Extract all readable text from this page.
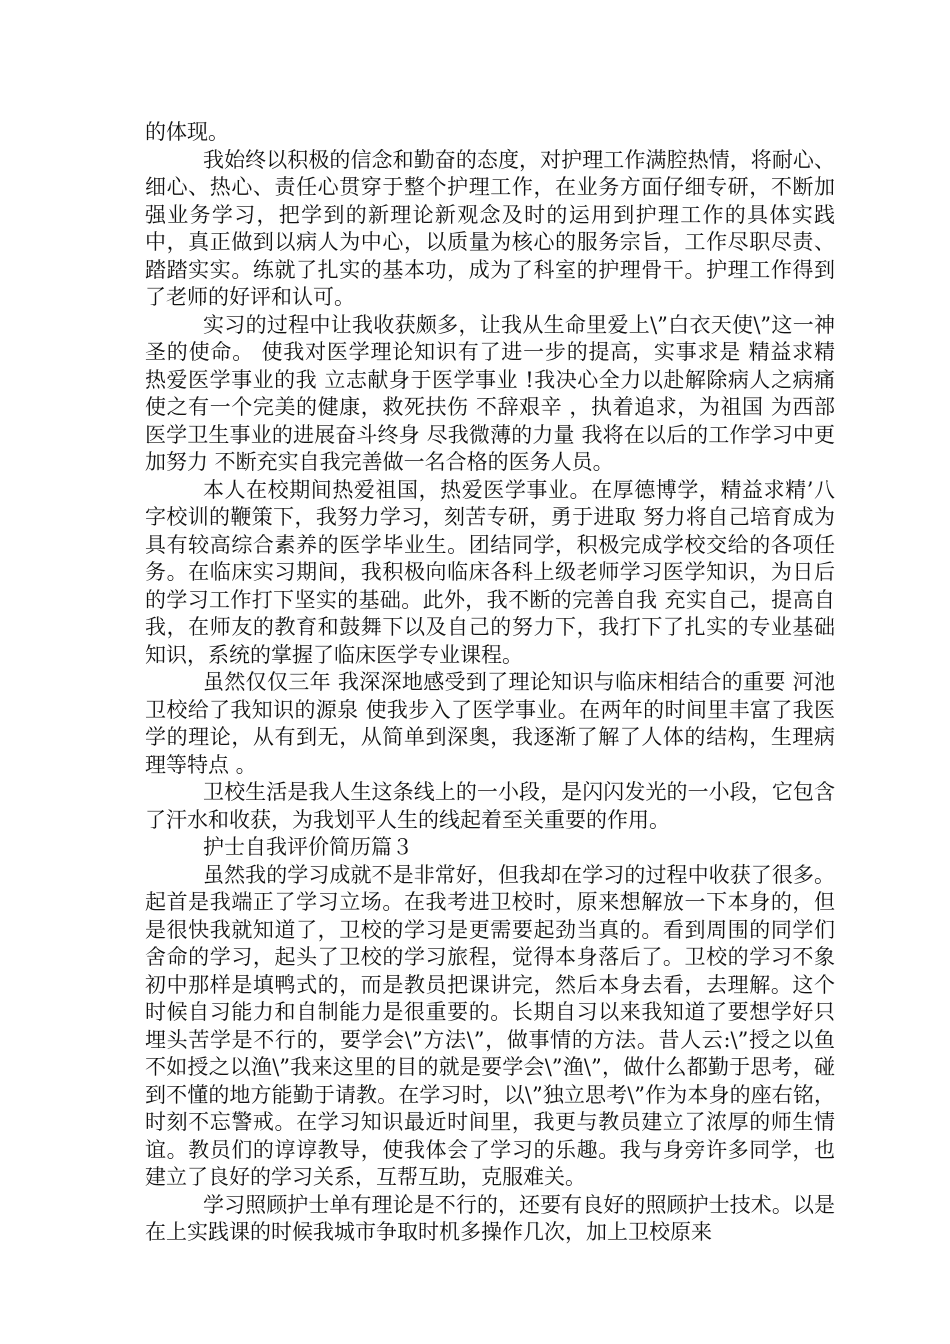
的体现。

我始终以积极的信念和勤奋的态度，对护理工作满腔热情，将耐心、细心、热心、责任心贯穿于整个护理工作，在业务方面仔细专研，不断加强业务学习，把学到的新理论新观念及时的运用到护理工作的具体实践中，真正做到以病人为中心，以质量为核心的服务宗旨，工作尽职尽责、踏踏实实。练就了扎实的基本功，成为了科室的护理骨干。护理工作得到了老师的好评和认可。

实习的过程中让我收获颇多，让我从生命里爱上\”白衣天使\”这一神圣的使命。 使我对医学理论知识有了进一步的提高，实事求是 精益求精 热爱医学事业的我 立志献身于医学事业 !我决心全力以赴解除病人之病痛 使之有一个完美的健康，救死扶伤 不辞艰辛 ，执着追求，为祖国 为西部医学卫生事业的进展奋斗终身 尽我微薄的力量 我将在以后的工作学习中更加努力 不断充实自我完善做一名合格的医务人员。

本人在校期间热爱祖国，热爱医学事业。在厚德博学，精益求精’八字校训的鞭策下，我努力学习，刻苦专研，勇于进取 努力将自己培育成为具有较高综合素养的医学毕业生。团结同学，积极完成学校交给的各项任务。在临床实习期间，我积极向临床各科上级老师学习医学知识，为日后的学习工作打下坚实的基础。此外，我不断的完善自我 充实自己，提高自我，在师友的教育和鼓舞下以及自己的努力下，我打下了扎实的专业基础知识，系统的掌握了临床医学专业课程。

虽然仅仅三年 我深深地感受到了理论知识与临床相结合的重要 河池卫校给了我知识的源泉 使我步入了医学事业。在两年的时间里丰富了我医学的理论，从有到无，从简单到深奥，我逐渐了解了人体的结构，生理病理等特点 。

卫校生活是我人生这条线上的一小段，是闪闪发光的一小段，它包含了汗水和收获，为我划平人生的线起着至关重要的作用。

护士自我评价简历篇３

虽然我的学习成就不是非常好，但我却在学习的过程中收获了很多。起首是我端正了学习立场。在我考进卫校时，原来想解放一下本身的，但是很快我就知道了，卫校的学习是更需要起劲当真的。看到周围的同学们舍命的学习，起头了卫校的学习旅程，觉得本身落后了。卫校的学习不象初中那样是填鸭式的，而是教员把课讲完，然后本身去看，去理解。这个时候自习能力和自制能力是很重要的。长期自习以来我知道了要想学好只埋头苦学是不行的，要学会\”方法\”，做事情的方法。昔人云:\”授之以鱼不如授之以渔\”我来这里的目的就是要学会\”渔\”，做什么都勤于思考，碰到不懂的地方能勤于请教。在学习时，以\”独立思考\”作为本身的座右铭，时刻不忘警戒。在学习知识最近时间里，我更与教员建立了浓厚的师生情谊。教员们的谆谆教导，使我体会了学习的乐趣。我与身旁许多同学，也建立了良好的学习关系，互帮互助，克服难关。

学习照顾护士单有理论是不行的，还要有良好的照顾护士技术。以是在上实践课的时候我城市争取时机多操作几次，加上卫校原来
